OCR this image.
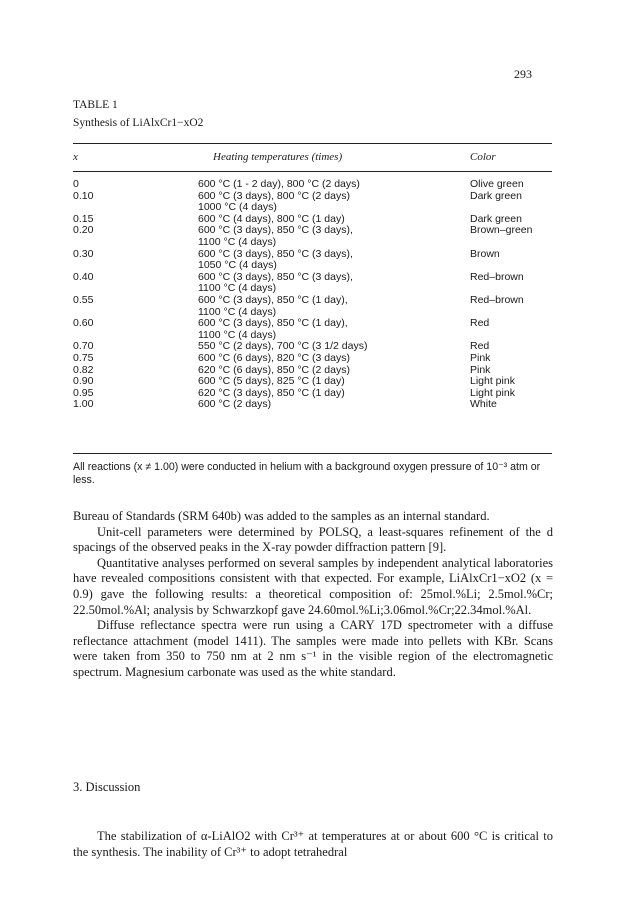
293
TABLE 1
Synthesis of LiAlxCr1−xO2
x	Heating temperatures (times)	Color
0	600 °C (1 - 2 day), 800 °C (2 days)	Olive green
0.10	600 °C (3 days), 800 °C (2 days)	Dark green
1000 °C (4 days)
0.15	600 °C (4 days), 800 °C (1 day)	Dark green
0.20	600 °C (3 days), 850 °C (3 days),	Brown–green
1100 °C (4 days)
0.30	600 °C (3 days), 850 °C (3 days),	Brown
1050 °C (4 days)
0.40	600 °C (3 days), 850 °C (3 days),	Red–brown
1100 °C (4 days)
0.55	600 °C (3 days), 850 °C (1 day),	Red–brown
1100 °C (4 days)
0.60	600 °C (3 days), 850 °C (1 day),	Red
1100 °C (4 days)
0.70	550 °C (2 days), 700 °C (3 1/2 days)	Red
0.75	600 °C (6 days), 820 °C (3 days)	Pink
0.82	620 °C (6 days), 850 °C (2 days)	Pink
0.90	600 °C (5 days), 825 °C (1 day)	Light pink
0.95	620 °C (3 days), 850 °C (1 day)	Light pink
1.00	600 °C (2 days)	White
All reactions (x ≠ 1.00) were conducted in helium with a background oxygen pressure of 10⁻³ atm or less.

Bureau of Standards (SRM 640b) was added to the samples as an internal standard.

Unit-cell parameters were determined by POLSQ, a least-squares refinement of the d spacings of the observed peaks in the X-ray powder diffraction pattern [9].

Quantitative analyses performed on several samples by independent analytical laboratories have revealed compositions consistent with that expected. For example, LiAlxCr1−xO2 (x = 0.9) gave the following results: a theoretical composition of: 25mol.%Li; 2.5mol.%Cr; 22.50mol.%Al; analysis by Schwarzkopf gave 24.60mol.%Li;3.06mol.%Cr;22.34mol.%Al.

Diffuse reflectance spectra were run using a CARY 17D spectrometer with a diffuse reflectance attachment (model 1411). The samples were made into pellets with KBr. Scans were taken from 350 to 750 nm at 2 nm s⁻¹ in the visible region of the electromagnetic spectrum. Magnesium carbonate was used as the white standard.

3. Discussion
The stabilization of α-LiAlO2 with Cr³⁺ at temperatures at or about 600 °C is critical to the synthesis. The inability of Cr³⁺ to adopt tetrahedral
